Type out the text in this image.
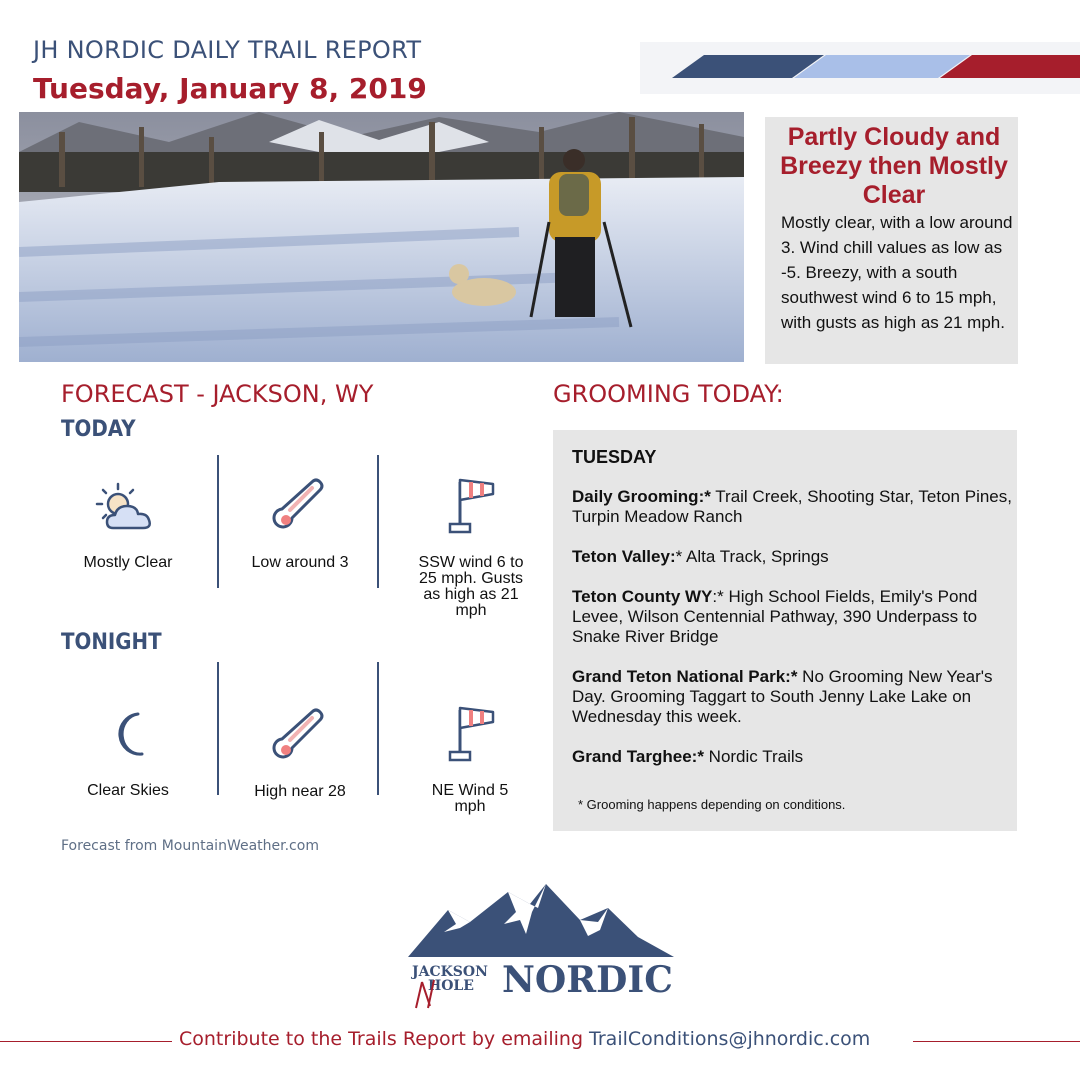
JH NORDIC DAILY TRAIL REPORT
Tuesday, January 8, 2019
Partly Cloudy and Breezy then Mostly Clear
Mostly clear, with a low around 3. Wind chill values as low as -5. Breezy, with a south southwest wind 6 to 15 mph, with gusts as high as 21 mph.
FORECAST - JACKSON, WY
TODAY
Mostly Clear	Low around 3	SSW wind 6 to 25 mph. Gusts as high as 21 mph
TONIGHT
Clear Skies	High near 28	NE Wind 5 mph
Forecast from MountainWeather.com
GROOMING TODAY:
TUESDAY
Daily Grooming:* Trail Creek, Shooting Star, Teton Pines, Turpin Meadow Ranch
Teton Valley:* Alta Track, Springs
Teton County WY:* High School Fields, Emily's Pond Levee, Wilson Centennial Pathway, 390 Underpass to Snake River Bridge
Grand Teton National Park:* No Grooming New Year's Day. Grooming Taggart to South Jenny Lake Lake on Wednesday this week.
Grand Targhee:* Nordic Trails
* Grooming happens depending on conditions.
JACKSON
HOLE NORDIC
Contribute to the Trails Report by emailing TrailConditions@jhnordic.com
